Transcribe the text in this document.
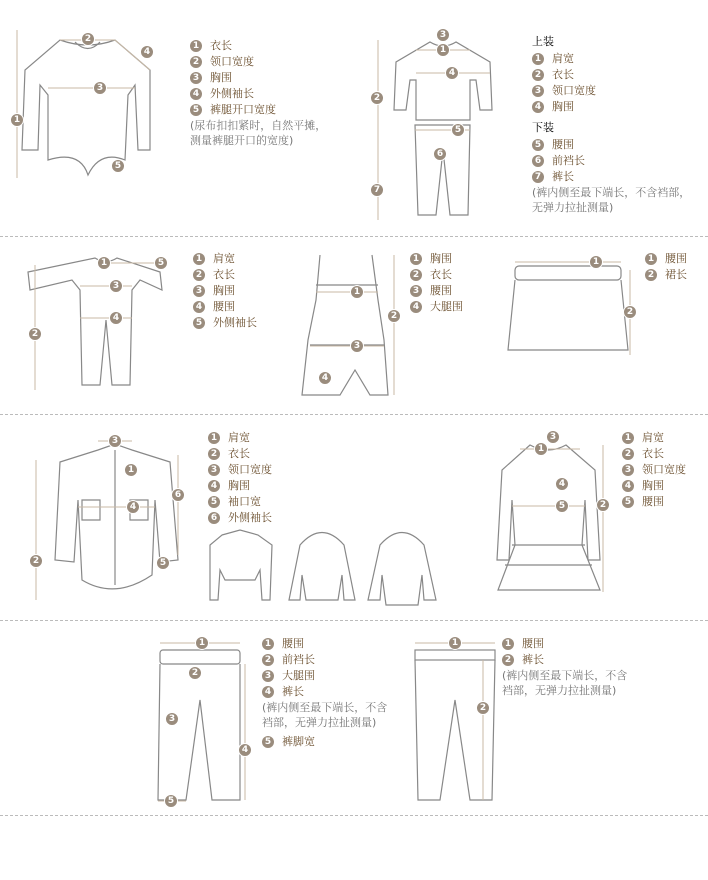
1 衣长
2 领口宽度
3 胸围
4 外侧袖长
5 裤腿开口宽度
(尿布扣扣紧时，自然平摊，
测量裤腿开口的宽度)
上装
1 肩宽
2 衣长
3 领口宽度
4 胸围
下装
5 腰围
6 前裆长
7 裤长
(裤内侧至最下端长，不含裆部，
无弹力拉扯测量)
1 肩宽
2 衣长
3 胸围
4 腰围
5 外侧袖长
1 胸围
2 衣长
3 腰围
4 大腿围
1 腰围
2 裙长
1 肩宽
2 衣长
3 领口宽度
4 胸围
5 袖口宽
6 外侧袖长
1 肩宽
2 衣长
3 领口宽度
4 胸围
5 腰围
1 腰围
2 前裆长
3 大腿围
4 裤长
(裤内侧至最下端长，不含
裆部，无弹力拉扯测量)
5 裤脚宽
1 腰围
2 裤长
(裤内侧至最下端长，不含
裆部，无弹力拉扯测量)
2
4
3
1
5
3
1
4
2
5
6
7
1	5
3
4
2
1
2
3
4
1
2
3
1
4
6
2	5
3
1
4
5	2
1
2
3
4
5
1
2
